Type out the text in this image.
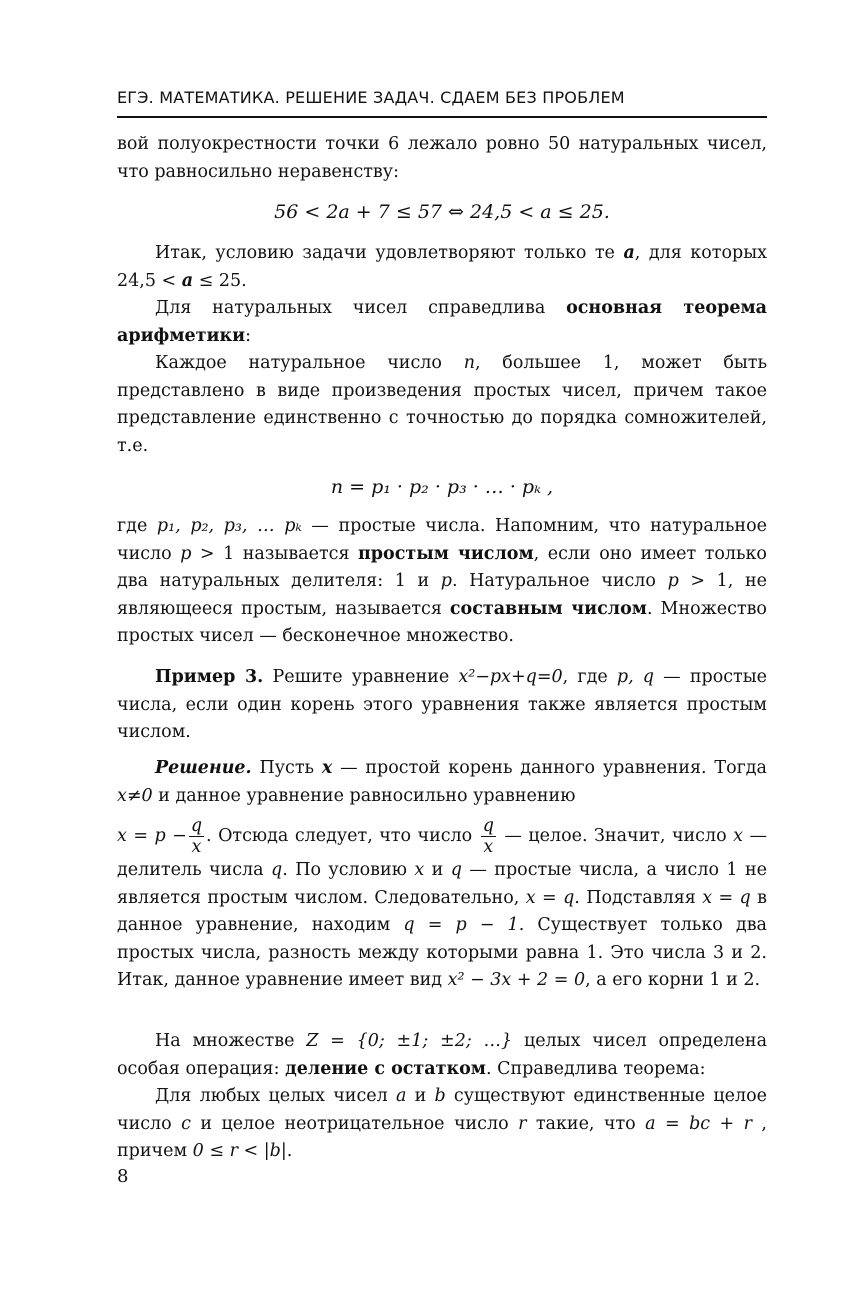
ЕГЭ. МАТЕМАТИКА. РЕШЕНИЕ ЗАДАЧ. СДАЕМ БЕЗ ПРОБЛЕМ

вой полуокрестности точки 6 лежало ровно 50 натуральных чисел, что равносильно неравенству:

56 < 2a + 7 ≤ 57 ⇔ 24,5 < a ≤ 25.

Итак, условию задачи удовлетворяют только те a, для которых 24,5 < a ≤ 25.

Для натуральных чисел справедлива основная теорема арифметики:

Каждое натуральное число n, большее 1, может быть представлено в виде произведения простых чисел, причем такое представление единственно с точностью до порядка сомножителей, т.е.

n = p₁ · p₂ · p₃ · … · pₖ ,

где p₁, p₂, p₃, … pₖ — простые числа. Напомним, что натуральное число p > 1 называется простым числом, если оно имеет только два натуральных делителя: 1 и p. Натуральное число p > 1, не являющееся простым, называется составным числом. Множество простых чисел — бесконечное множество.

Пример 3. Решите уравнение x²−px+q=0, где p, q — простые числа, если один корень этого уравнения также является простым числом.

Решение. Пусть x — простой корень данного уравнения. Тогда x≠0 и данное уравнение равносильно уравнению

$x = p - \frac{q}{x}$ . Отсюда следует, что число $\frac{q}{x}$ — целое. Значит, число x — делитель числа q. По условию x и q — простые числа, а число 1 не является простым числом. Следовательно, x = q. Подставляя x = q в данное уравнение, находим q = p − 1. Существует только два простых числа, разность между которыми равна 1. Это числа 3 и 2. Итак, данное уравнение имеет вид x² − 3x + 2 = 0, а его корни 1 и 2.

На множестве Z = {0; ±1; ±2; …} целых чисел определена особая операция: деление с остатком. Справедлива теорема:

Для любых целых чисел a и b существуют единственные целое число c и целое неотрицательное число r такие, что a = bc + r , причем 0 ≤ r < |b|.

8
